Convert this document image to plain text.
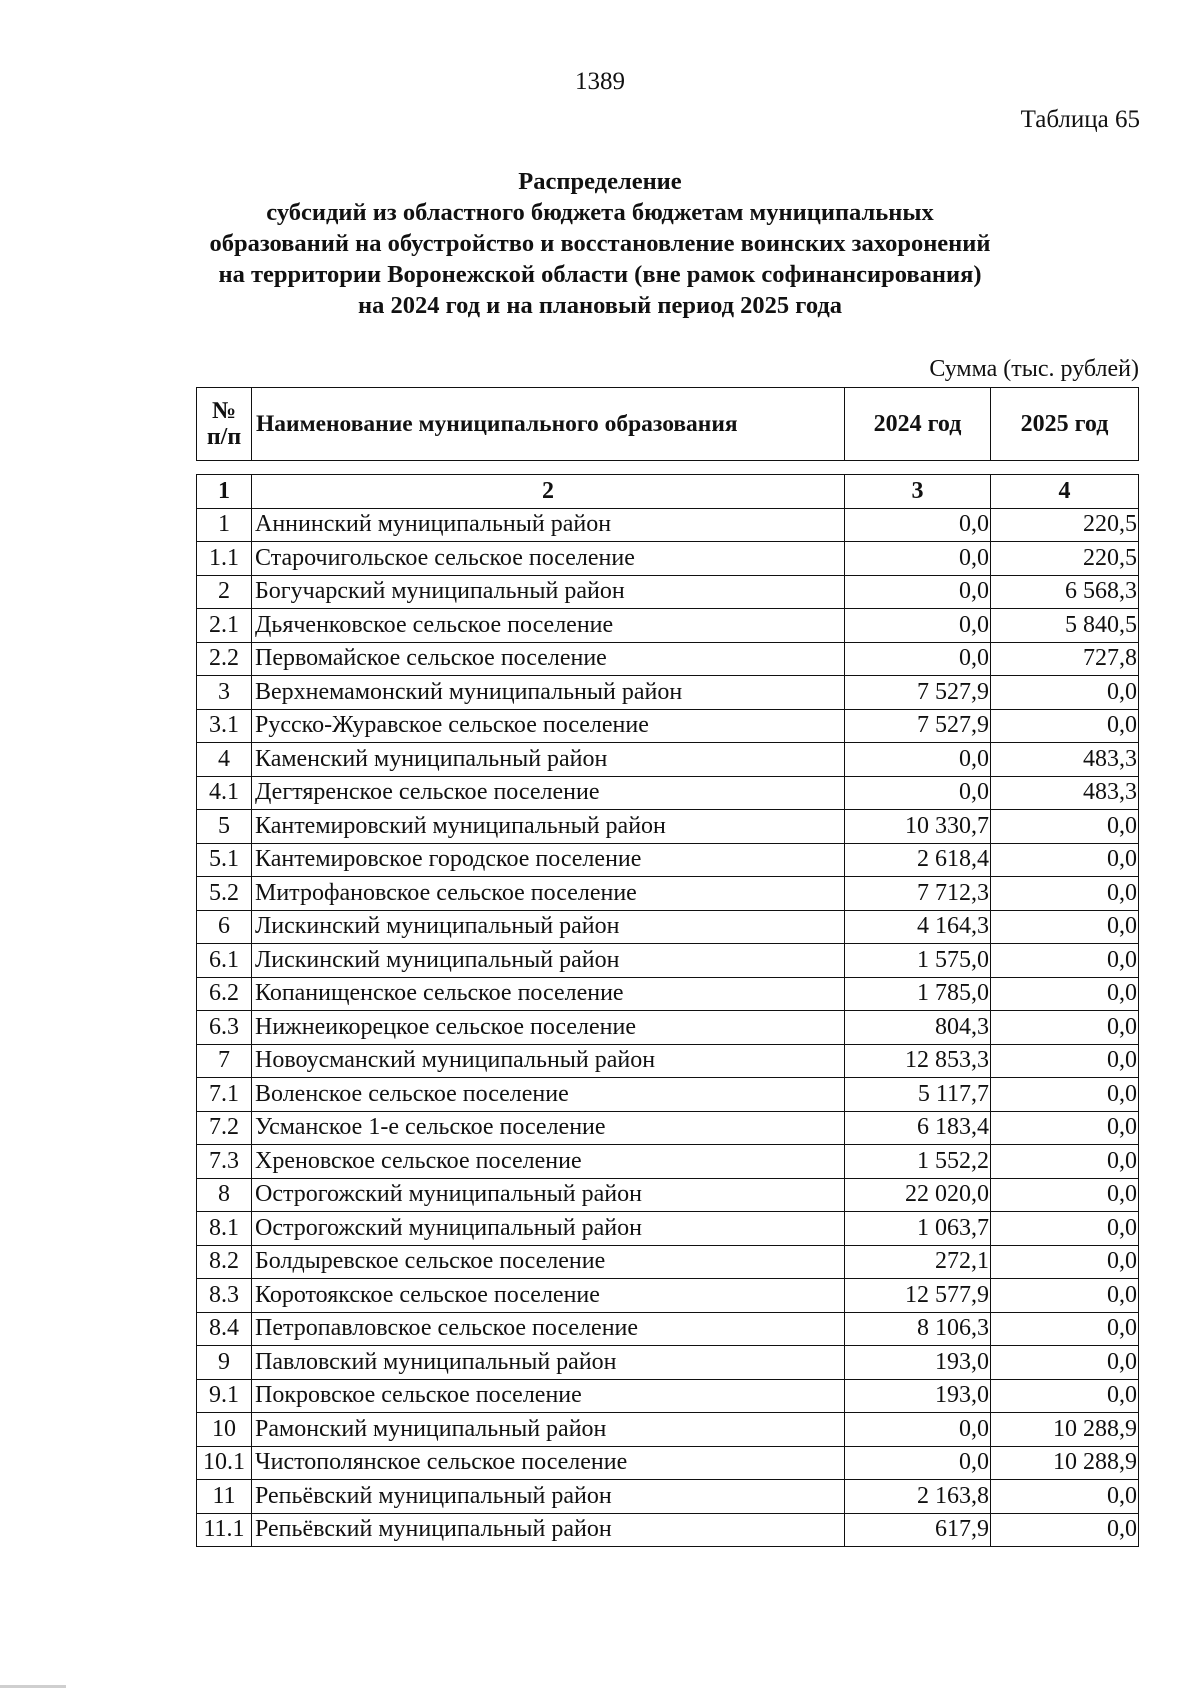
1389
Таблица 65
Распределение
субсидий из областного бюджета бюджетам муниципальных
образований на обустройство и восстановление воинских захоронений
на территории Воронежской области (вне рамок софинансирования)
на 2024 год и на плановый период 2025 года
Сумма (тыс. рублей)
№
п/п	Наименование муниципального образования	2024 год	2025 год
1	2	3	4
1	Аннинский муниципальный район	0,0	220,5
1.1	Старочигольское сельское поселение	0,0	220,5
2	Богучарский муниципальный район	0,0	6 568,3
2.1	Дьяченковское сельское поселение	0,0	5 840,5
2.2	Первомайское сельское поселение	0,0	727,8
3	Верхнемамонский муниципальный район	7 527,9	0,0
3.1	Русско-Журавское сельское поселение	7 527,9	0,0
4	Каменский муниципальный район	0,0	483,3
4.1	Дегтяренское сельское поселение	0,0	483,3
5	Кантемировский муниципальный район	10 330,7	0,0
5.1	Кантемировское городское поселение	2 618,4	0,0
5.2	Митрофановское сельское поселение	7 712,3	0,0
6	Лискинский муниципальный район	4 164,3	0,0
6.1	Лискинский муниципальный район	1 575,0	0,0
6.2	Копанищенское сельское поселение	1 785,0	0,0
6.3	Нижнеикорецкое сельское поселение	804,3	0,0
7	Новоусманский муниципальный район	12 853,3	0,0
7.1	Воленское сельское поселение	5 117,7	0,0
7.2	Усманское 1-е сельское поселение	6 183,4	0,0
7.3	Хреновское сельское поселение	1 552,2	0,0
8	Острогожский муниципальный район	22 020,0	0,0
8.1	Острогожский муниципальный район	1 063,7	0,0
8.2	Болдыревское сельское поселение	272,1	0,0
8.3	Коротоякское сельское поселение	12 577,9	0,0
8.4	Петропавловское сельское поселение	8 106,3	0,0
9	Павловский муниципальный район	193,0	0,0
9.1	Покровское сельское поселение	193,0	0,0
10	Рамонский муниципальный район	0,0	10 288,9
10.1	Чистополянское сельское поселение	0,0	10 288,9
11	Репьёвский муниципальный район	2 163,8	0,0
11.1	Репьёвский муниципальный район	617,9	0,0
